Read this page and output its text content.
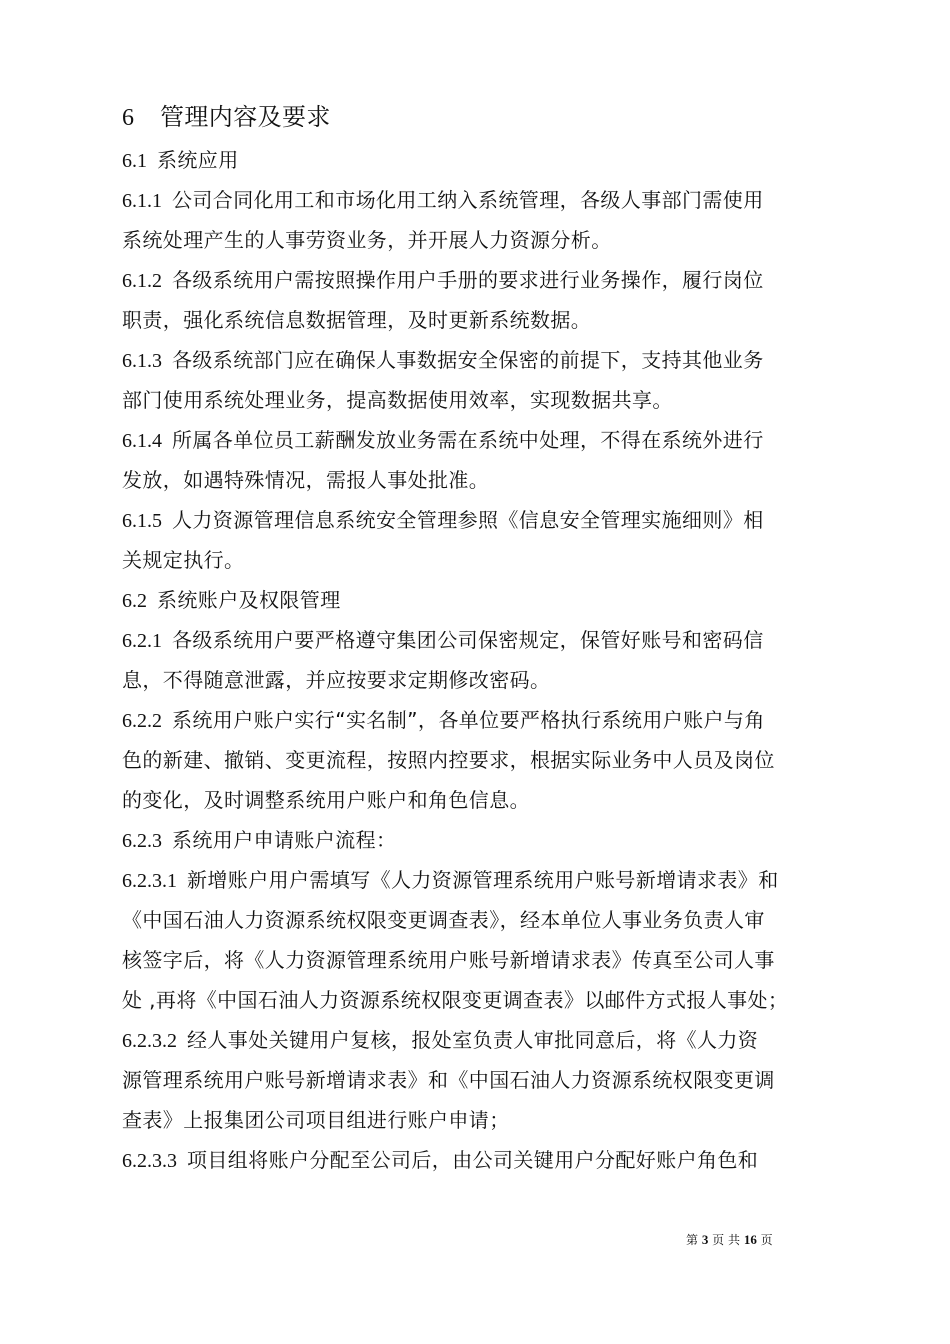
6 管理内容及要求
6.1 系统应用
6.1.1 公司合同化用工和市场化用工纳入系统管理，各级人事部门需使用
系统处理产生的人事劳资业务，并开展人力资源分析。
6.1.2 各级系统用户需按照操作用户手册的要求进行业务操作，履行岗位
职责，强化系统信息数据管理，及时更新系统数据。
6.1.3 各级系统部门应在确保人事数据安全保密的前提下，支持其他业务
部门使用系统处理业务，提高数据使用效率，实现数据共享。
6.1.4 所属各单位员工薪酬发放业务需在系统中处理，不得在系统外进行
发放，如遇特殊情况，需报人事处批准。
6.1.5 人力资源管理信息系统安全管理参照《信息安全管理实施细则》相
关规定执行。
6.2 系统账户及权限管理
6.2.1 各级系统用户要严格遵守集团公司保密规定，保管好账号和密码信
息，不得随意泄露，并应按要求定期修改密码。
6.2.2 系统用户账户实行“实名制”，各单位要严格执行系统用户账户与角
色的新建、撤销、变更流程，按照内控要求，根据实际业务中人员及岗位
的变化，及时调整系统用户账户和角色信息。
6.2.3 系统用户申请账户流程：
6.2.3.1 新增账户用户需填写《人力资源管理系统用户账号新增请求表》和
《中国石油人力资源系统权限变更调查表》，经本单位人事业务负责人审
核签字后，将《人力资源管理系统用户账号新增请求表》传真至公司人事
处 ,再将《中国石油人力资源系统权限变更调查表》以邮件方式报人事处；
6.2.3.2 经人事处关键用户复核，报处室负责人审批同意后，将《人力资
源管理系统用户账号新增请求表》和《中国石油人力资源系统权限变更调
查表》上报集团公司项目组进行账户申请；
6.2.3.3 项目组将账户分配至公司后，由公司关键用户分配好账户角色和
第 3 页 共 16 页
